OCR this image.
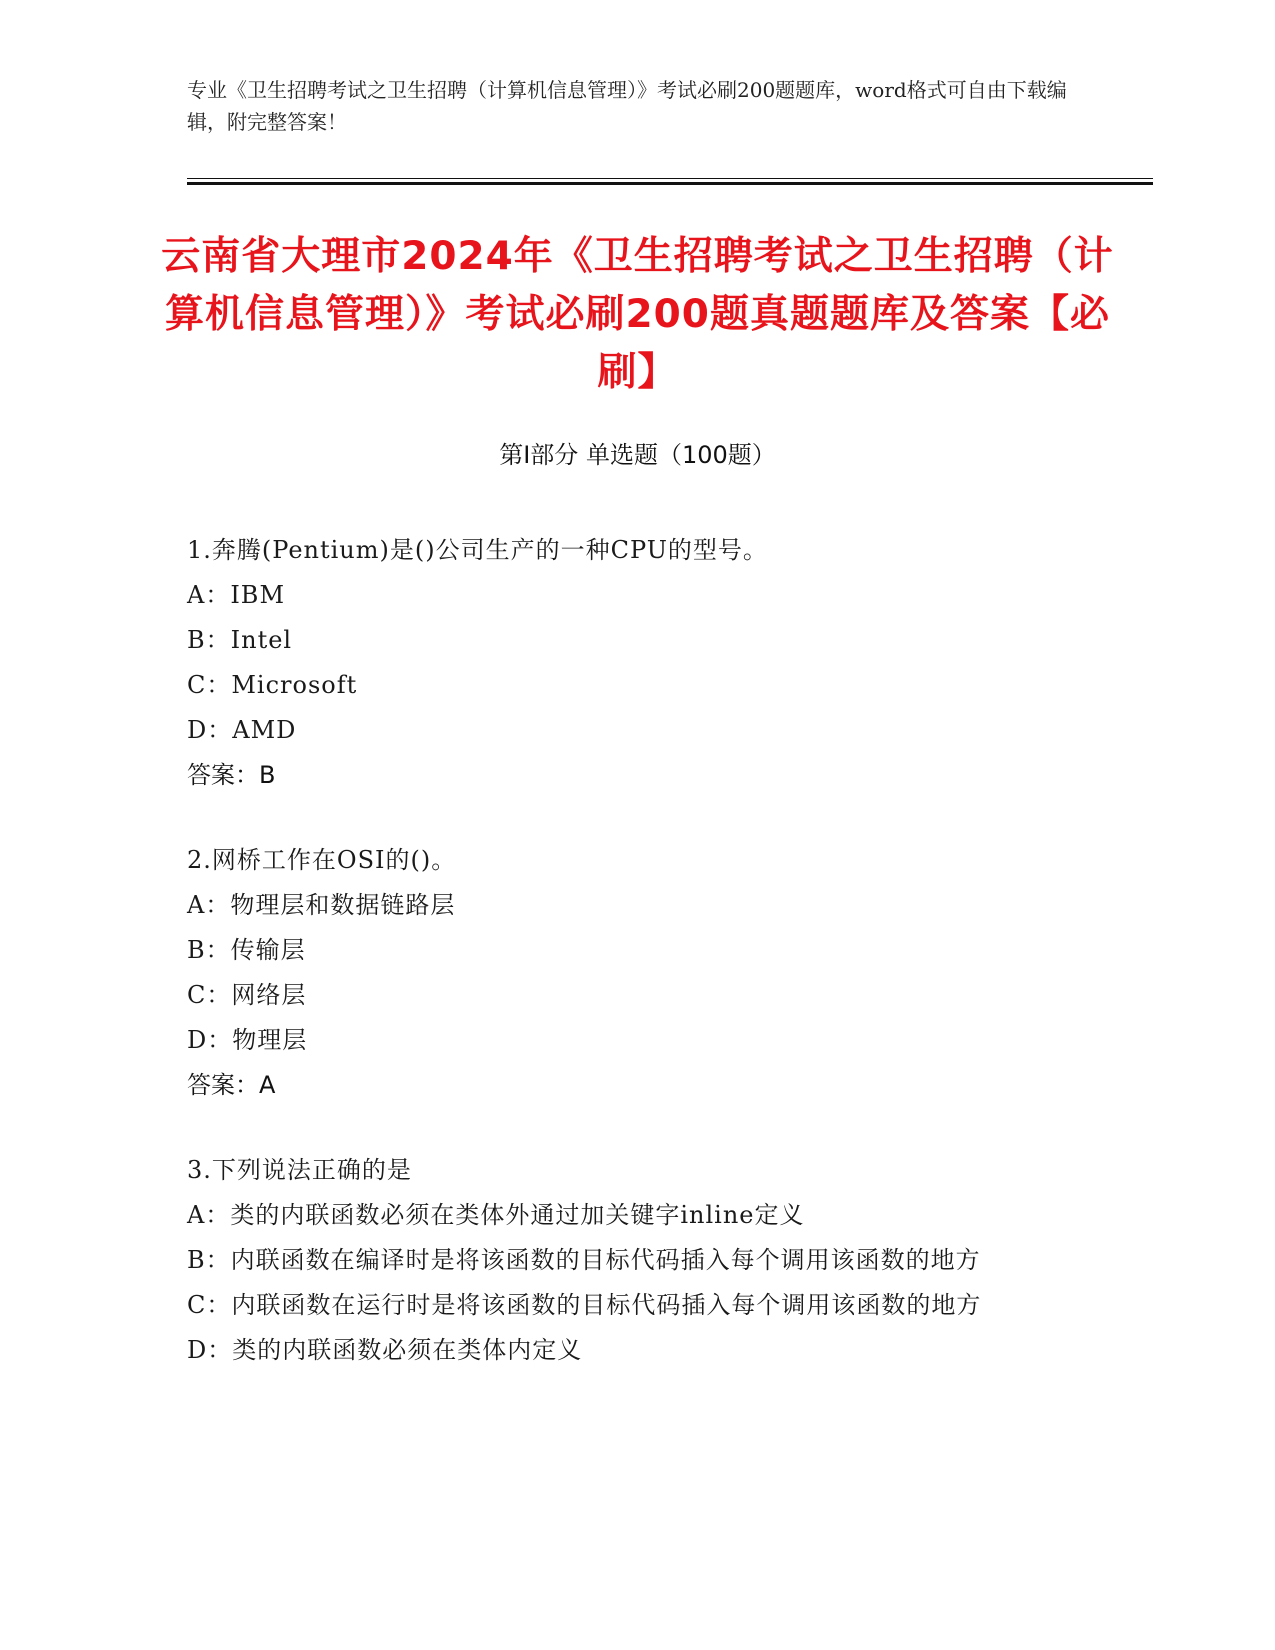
专业《卫生招聘考试之卫生招聘（计算机信息管理）》考试必刷200题题库，word格式可自由下载编辑，附完整答案！
云南省大理市2024年《卫生招聘考试之卫生招聘（计算机信息管理）》考试必刷200题真题题库及答案【必刷】
第Ⅰ部分 单选题（100题）
1.奔腾(Pentium)是()公司生产的一种CPU的型号。
A：IBM
B：Intel
C：Microsoft
D：AMD
答案：B
2.网桥工作在OSI的()。
A：物理层和数据链路层
B：传输层
C：网络层
D：物理层
答案：A
3.下列说法正确的是
A：类的内联函数必须在类体外通过加关键字inline定义
B：内联函数在编译时是将该函数的目标代码插入每个调用该函数的地方
C：内联函数在运行时是将该函数的目标代码插入每个调用该函数的地方
D：类的内联函数必须在类体内定义
